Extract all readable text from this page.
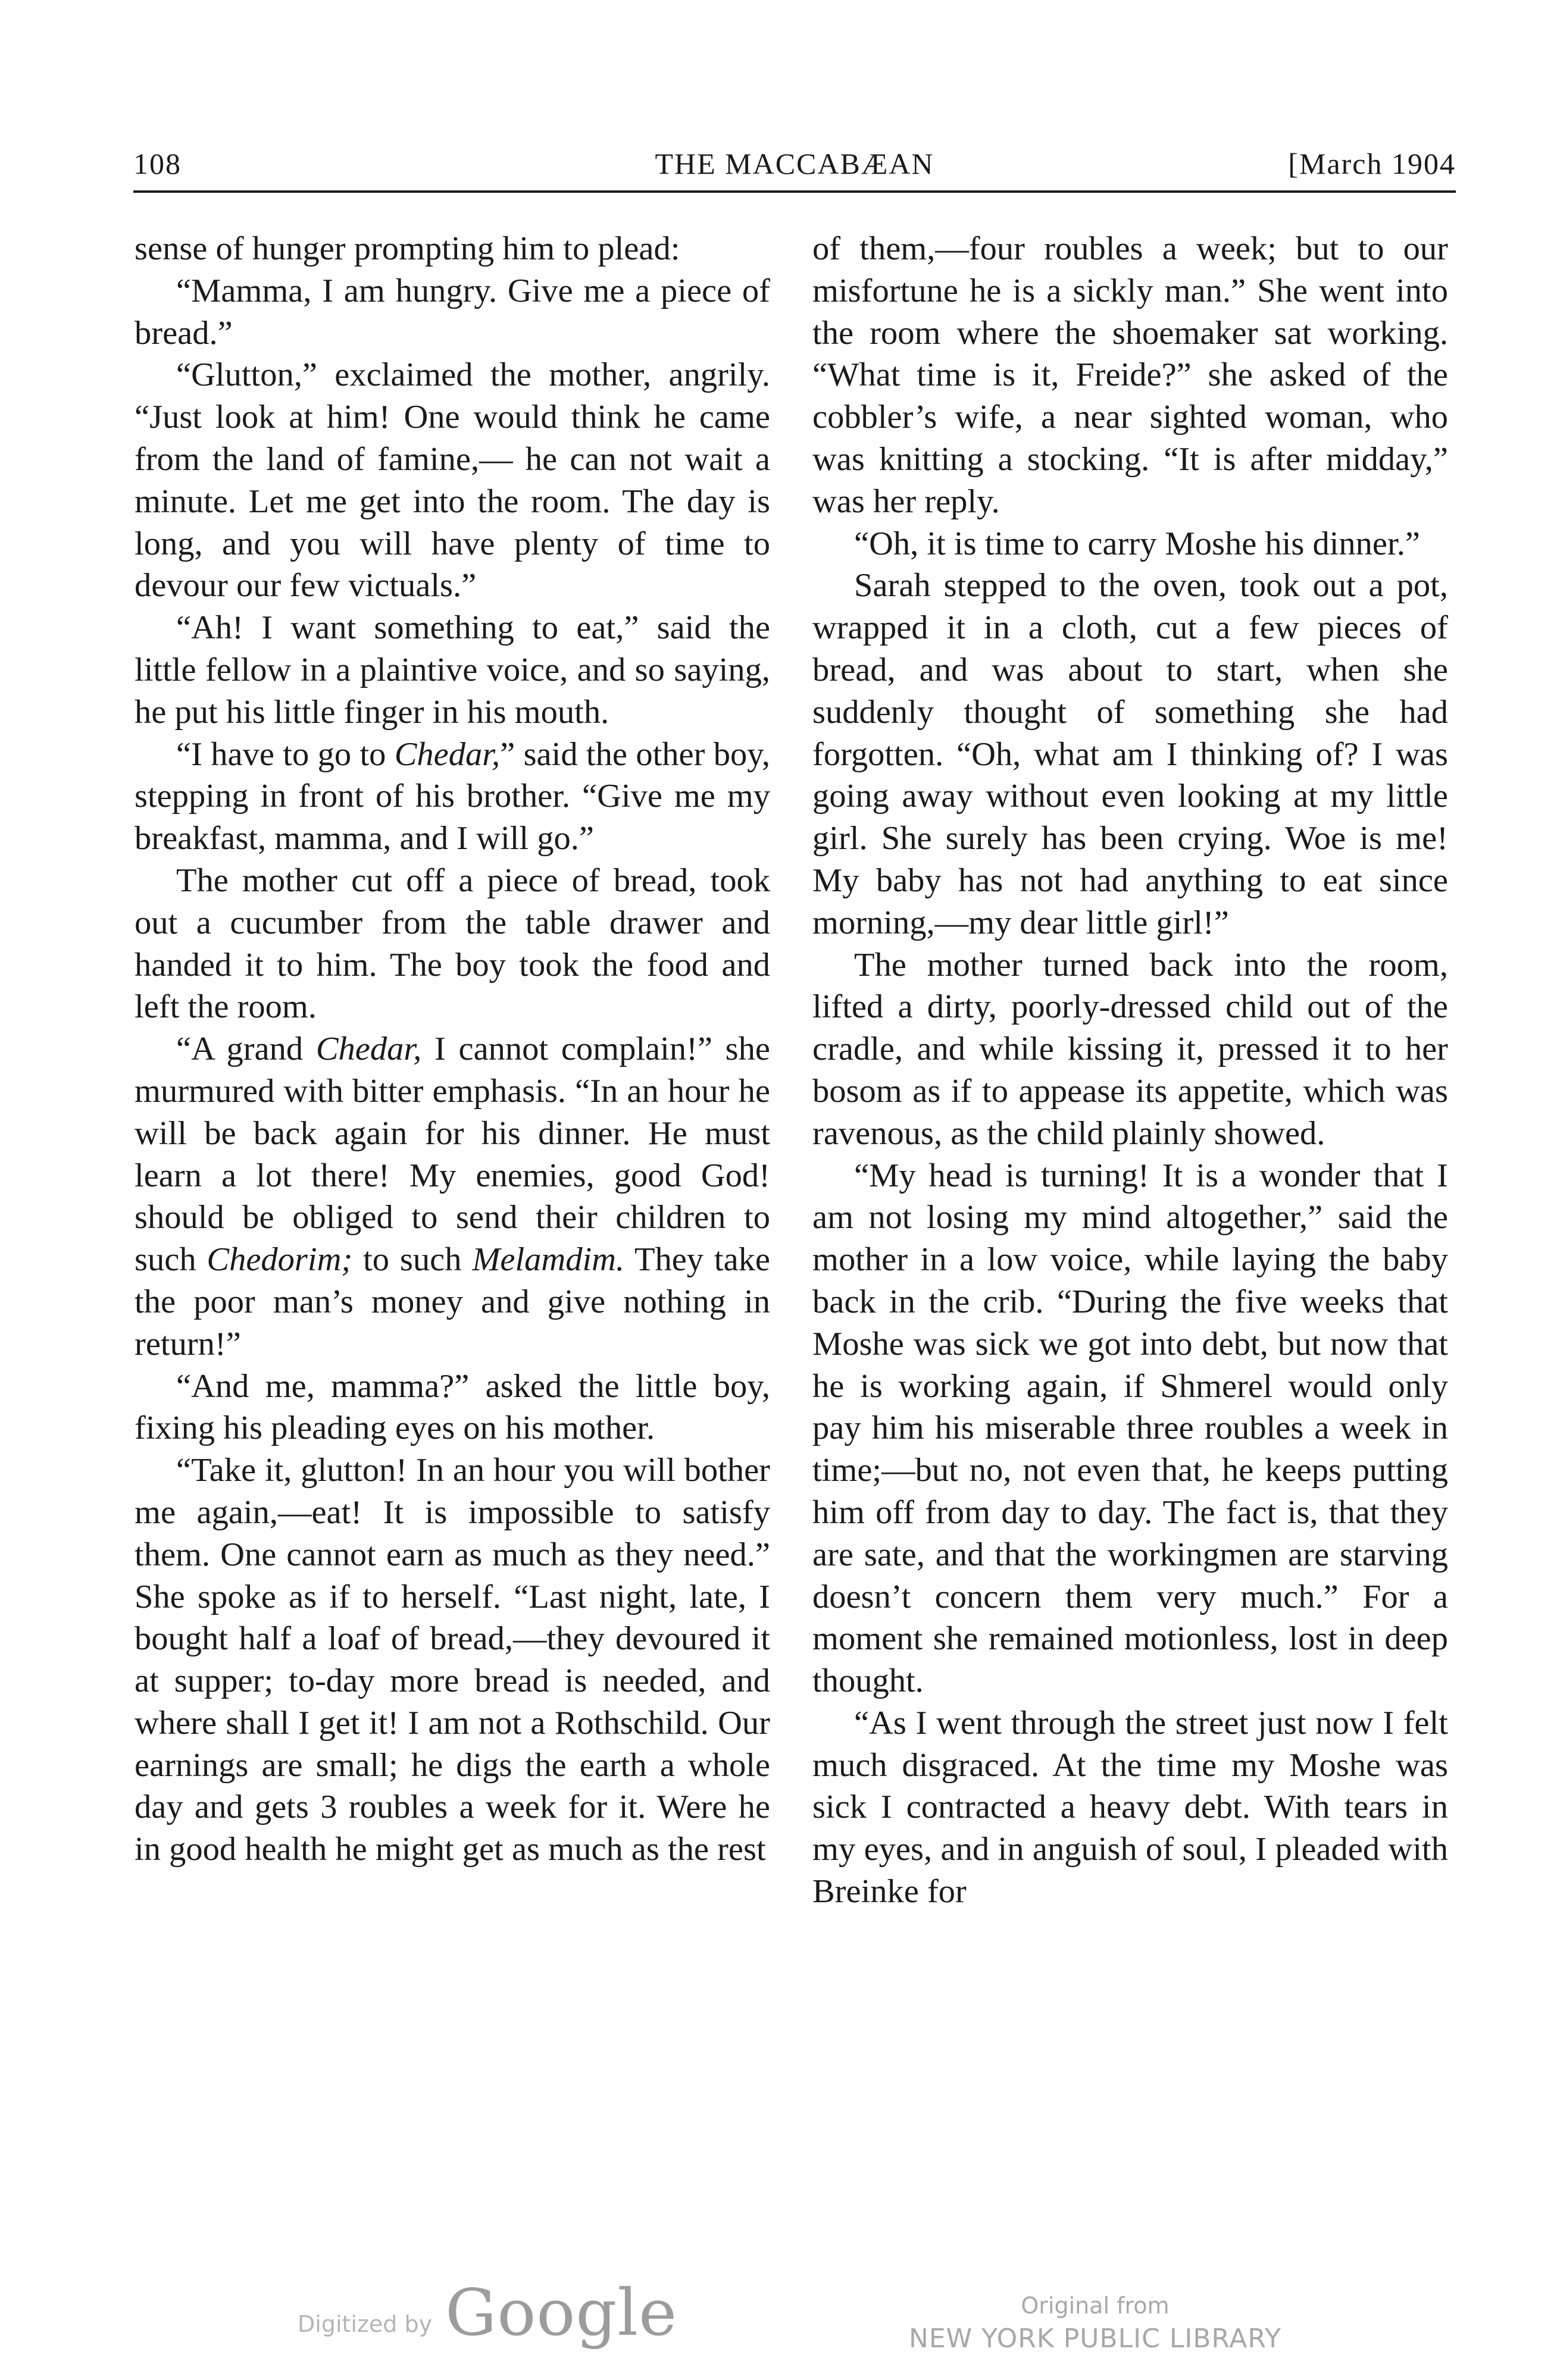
108	THE MACCABÆAN	[March 1904

sense of hunger prompting him to plead:

“Mamma, I am hungry. Give me a piece of bread.”

“Glutton,” exclaimed the mother, angrily. “Just look at him! One would think he came from the land of famine,— he can not wait a minute. Let me get into the room. The day is long, and you will have plenty of time to devour our few victuals.”

“Ah! I want something to eat,” said the little fellow in a plaintive voice, and so saying, he put his little finger in his mouth.

“I have to go to Chedar,” said the other boy, stepping in front of his brother. “Give me my breakfast, mamma, and I will go.”

The mother cut off a piece of bread, took out a cucumber from the table drawer and handed it to him. The boy took the food and left the room.

“A grand Chedar, I cannot complain!” she murmured with bitter emphasis. “In an hour he will be back again for his dinner. He must learn a lot there! My enemies, good God! should be obliged to send their children to such Chedorim; to such Melamdim. They take the poor man’s money and give nothing in return!”

“And me, mamma?” asked the little boy, fixing his pleading eyes on his mother.

“Take it, glutton! In an hour you will bother me again,—eat! It is impossible to satisfy them. One cannot earn as much as they need.” She spoke as if to herself. “Last night, late, I bought half a loaf of bread,—they devoured it at supper; to-day more bread is needed, and where shall I get it! I am not a Rothschild. Our earnings are small; he digs the earth a whole day and gets 3 roubles a week for it. Were he in good health he might get as much as the rest

of them,—four roubles a week; but to our misfortune he is a sickly man.” She went into the room where the shoemaker sat working. “What time is it, Freide?” she asked of the cobbler’s wife, a near sighted woman, who was knitting a stocking. “It is after midday,” was her reply.

“Oh, it is time to carry Moshe his dinner.”

Sarah stepped to the oven, took out a pot, wrapped it in a cloth, cut a few pieces of bread, and was about to start, when she suddenly thought of something she had forgotten. “Oh, what am I thinking of? I was going away without even looking at my little girl. She surely has been crying. Woe is me! My baby has not had anything to eat since morning,—my dear little girl!”

The mother turned back into the room, lifted a dirty, poorly-dressed child out of the cradle, and while kissing it, pressed it to her bosom as if to appease its appetite, which was ravenous, as the child plainly showed.

“My head is turning! It is a wonder that I am not losing my mind altogether,” said the mother in a low voice, while laying the baby back in the crib. “During the five weeks that Moshe was sick we got into debt, but now that he is working again, if Shmerel would only pay him his miserable three roubles a week in time;—but no, not even that, he keeps putting him off from day to day. The fact is, that they are sate, and that the workingmen are starving doesn’t concern them very much.” For a moment she remained motionless, lost in deep thought.

“As I went through the street just now I felt much disgraced. At the time my Moshe was sick I contracted a heavy debt. With tears in my eyes, and in anguish of soul, I pleaded with Breinke for

Digitized by Google	Original from
NEW YORK PUBLIC LIBRARY
